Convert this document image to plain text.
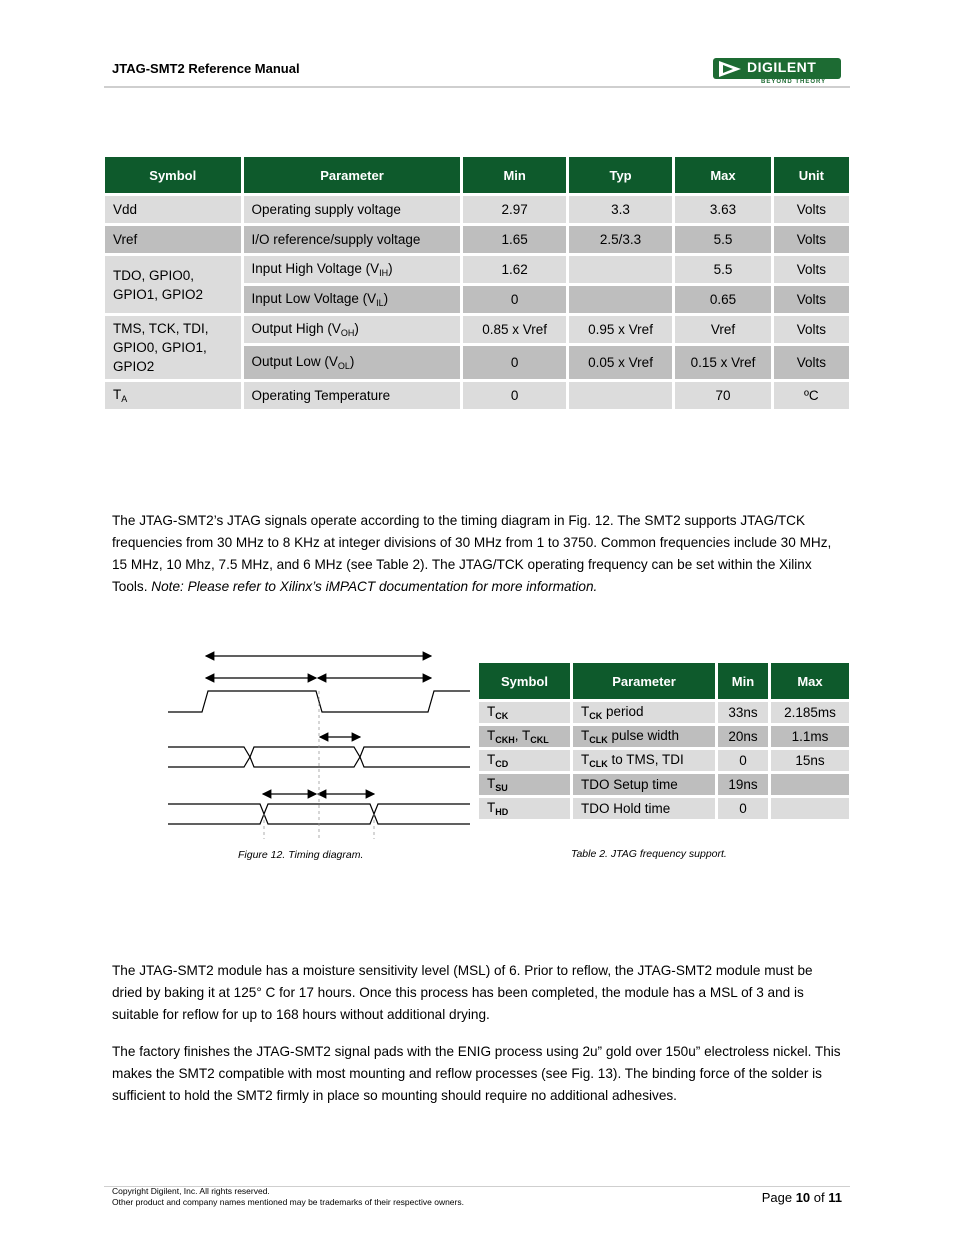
JTAG-SMT2 Reference Manual	DIGILENT
BEYOND THEORY
Symbol	Parameter	Min	Typ	Max	Unit
Vdd	Operating supply voltage	2.97	3.3	3.63	Volts
Vref	I/O reference/supply voltage	1.65	2.5/3.3	5.5	Volts
TDO, GPIO0, GPIO1, GPIO2	Input High Voltage $(V_{IH})$	1.62		5.5	Volts
	Input Low Voltage $(V_{IL})$	0		0.65	Volts
TMS, TCK, TDI, GPIO0, GPIO1, GPIO2	Output High $(V_{OH})$	0.85 x Vref	0.95 x Vref	Vref	Volts
	Output Low $(V_{OL})$	0	0.05 x Vref	0.15 x Vref	Volts
$T_A$	Operating Temperature	0		70	ºC
The JTAG-SMT2’s JTAG signals operate according to the timing diagram in Fig. 12. The SMT2 supports JTAG/TCK frequencies from 30 MHz to 8 KHz at integer divisions of 30 MHz from 1 to 3750. Common frequencies include 30 MHz, 15 MHz, 10 Mhz, 7.5 MHz, and 6 MHz (see Table 2). The JTAG/TCK operating frequency can be set within the Xilinx Tools. Note: Please refer to Xilinx’s iMPACT documentation for more information.
Symbol	Parameter	Min	Max
$T_{CK}$	$T_{CK}$ period	33ns	2.185ms
$T_{CKH}$, $T_{CKL}$	$T_{CLK}$ pulse width	20ns	1.1ms
$T_{CD}$	$T_{CLK}$ to TMS, TDI	0	15ns
$T_{SU}$	TDO Setup time	19ns	
$T_{HD}$	TDO Hold time	0	
Figure 12. Timing diagram.	Table 2. JTAG frequency support.
The JTAG-SMT2 module has a moisture sensitivity level (MSL) of 6. Prior to reflow, the JTAG-SMT2 module must be dried by baking it at 125° C for 17 hours. Once this process has been completed, the module has a MSL of 3 and is suitable for reflow for up to 168 hours without additional drying.
The factory finishes the JTAG-SMT2 signal pads with the ENIG process using 2u” gold over 150u” electroless nickel. This makes the SMT2 compatible with most mounting and reflow processes (see Fig. 13). The binding force of the solder is sufficient to hold the SMT2 firmly in place so mounting should require no additional adhesives.
Copyright Digilent, Inc. All rights reserved.
Other product and company names mentioned may be trademarks of their respective owners.	Page 10 of 11
